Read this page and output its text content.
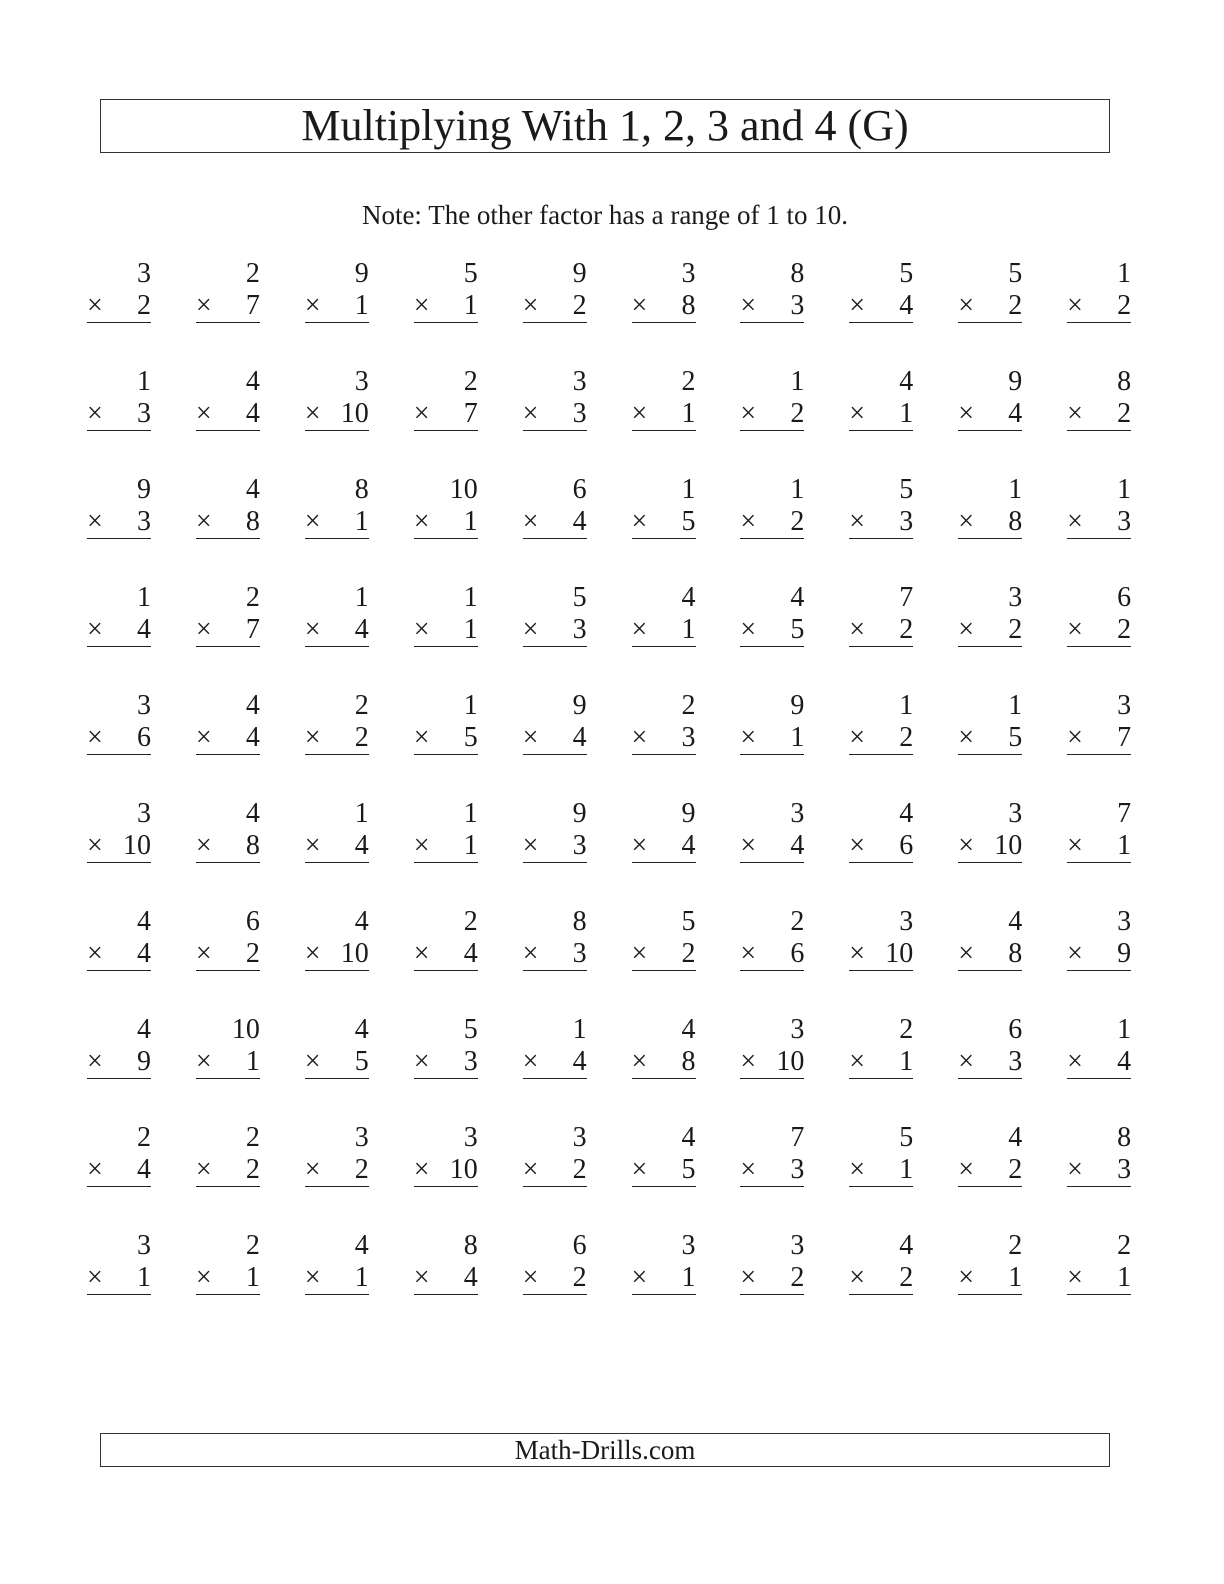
Multiplying With 1, 2, 3 and 4 (G)
Note: The other factor has a range of 1 to 10.
3
× 2
2
× 7
9
× 1
5
× 1
9
× 2
3
× 8
8
× 3
5
× 4
5
× 2
1
× 2
1
× 3
4
× 4
3
× 10
2
× 7
3
× 3
2
× 1
1
× 2
4
× 1
9
× 4
8
× 2
9
× 3
4
× 8
8
× 1
10
× 1
6
× 4
1
× 5
1
× 2
5
× 3
1
× 8
1
× 3
1
× 4
2
× 7
1
× 4
1
× 1
5
× 3
4
× 1
4
× 5
7
× 2
3
× 2
6
× 2
3
× 6
4
× 4
2
× 2
1
× 5
9
× 4
2
× 3
9
× 1
1
× 2
1
× 5
3
× 7
3
× 10
4
× 8
1
× 4
1
× 1
9
× 3
9
× 4
3
× 4
4
× 6
3
× 10
7
× 1
4
× 4
6
× 2
4
× 10
2
× 4
8
× 3
5
× 2
2
× 6
3
× 10
4
× 8
3
× 9
4
× 9
10
× 1
4
× 5
5
× 3
1
× 4
4
× 8
3
× 10
2
× 1
6
× 3
1
× 4
2
× 4
2
× 2
3
× 2
3
× 10
3
× 2
4
× 5
7
× 3
5
× 1
4
× 2
8
× 3
3
× 1
2
× 1
4
× 1
8
× 4
6
× 2
3
× 1
3
× 2
4
× 2
2
× 1
2
× 1
Math-Drills.com
